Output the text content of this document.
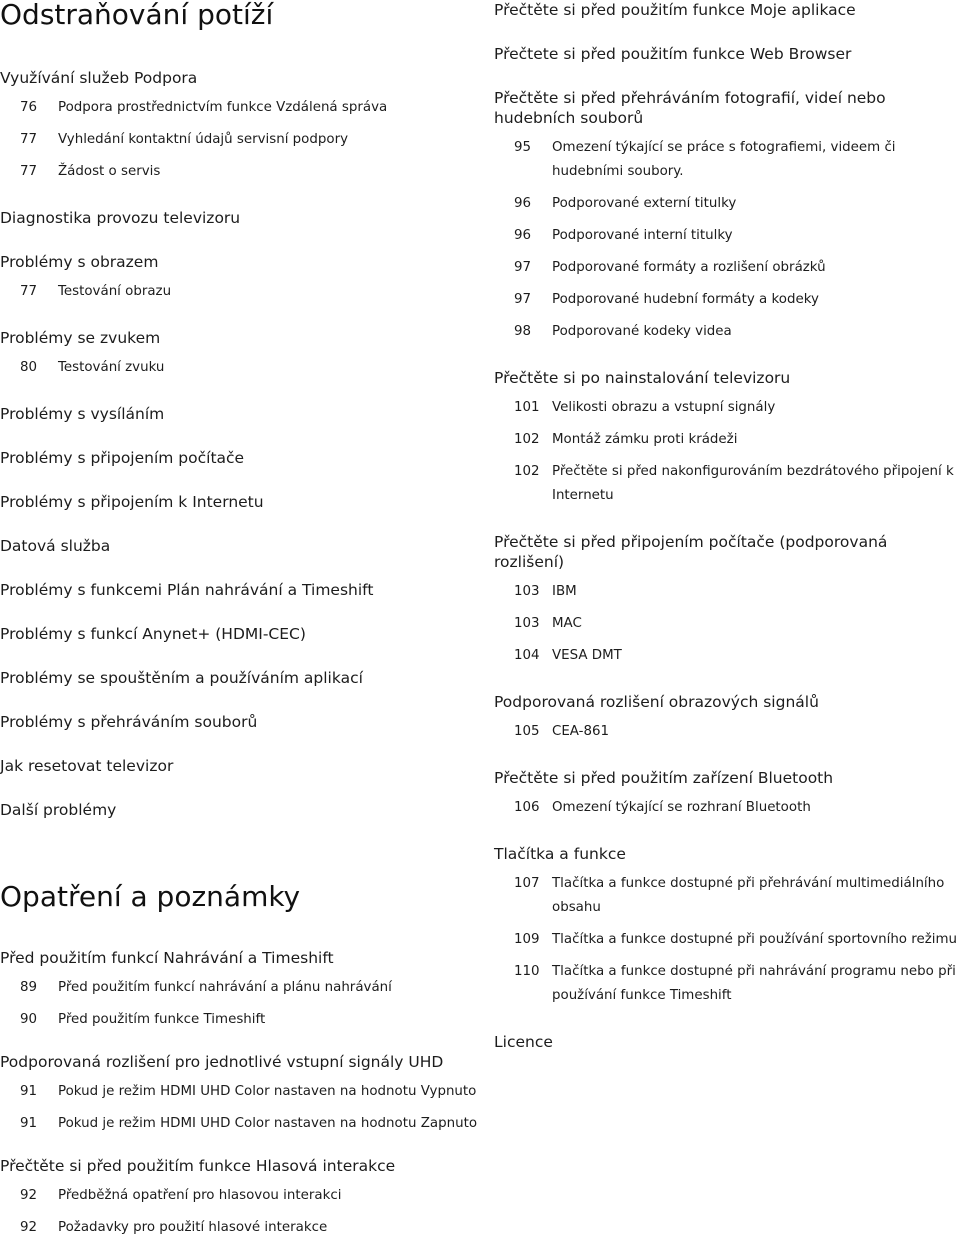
Odstraňování potíží
Využívání služeb Podpora
76	Podpora prostřednictvím funkce Vzdálená správa
77	Vyhledání kontaktní údajů servisní podpory
77	Žádost o servis
Diagnostika provozu televizoru
Problémy s obrazem
77	Testování obrazu
Problémy se zvukem
80	Testování zvuku
Problémy s vysíláním
Problémy s připojením počítače
Problémy s připojením k Internetu
Datová služba
Problémy s funkcemi Plán nahrávání a Timeshift
Problémy s funkcí Anynet+ (HDMI-CEC)
Problémy se spouštěním a používáním aplikací
Problémy s přehráváním souborů
Jak resetovat televizor
Další problémy
Opatření a poznámky
Před použitím funkcí Nahrávání a Timeshift
89	Před použitím funkcí nahrávání a plánu nahrávání
90	Před použitím funkce Timeshift
Podporovaná rozlišení pro jednotlivé vstupní signály UHD
91	Pokud je režim HDMI UHD Color nastaven na hodnotu Vypnuto
91	Pokud je režim HDMI UHD Color nastaven na hodnotu Zapnuto
Přečtěte si před použitím funkce Hlasová interakce
92	Předběžná opatření pro hlasovou interakci
92	Požadavky pro použití hlasové interakce
Přečtěte si před použitím funkce Moje aplikace
Přečtete si před použitím funkce Web Browser
Přečtěte si před přehráváním fotografií, videí nebo hudebních souborů
95	Omezení týkající se práce s fotografiemi, videem či hudebními soubory.
96	Podporované externí titulky
96	Podporované interní titulky
97	Podporované formáty a rozlišení obrázků
97	Podporované hudební formáty a kodeky
98	Podporované kodeky videa
Přečtěte si po nainstalování televizoru
101 Velikosti obrazu a vstupní signály
102 Montáž zámku proti krádeži
102 Přečtěte si před nakonfigurováním bezdrátového připojení k Internetu
Přečtěte si před připojením počítače (podporovaná rozlišení)
103 IBM
103 MAC
104 VESA DMT
Podporovaná rozlišení obrazových signálů
105 CEA-861
Přečtěte si před použitím zařízení Bluetooth
106 Omezení týkající se rozhraní Bluetooth
Tlačítka a funkce
107 Tlačítka a funkce dostupné při přehrávání multimediálního obsahu
109 Tlačítka a funkce dostupné při používání sportovního režimu
110 Tlačítka a funkce dostupné při nahrávání programu nebo při používání funkce Timeshift
Licence
